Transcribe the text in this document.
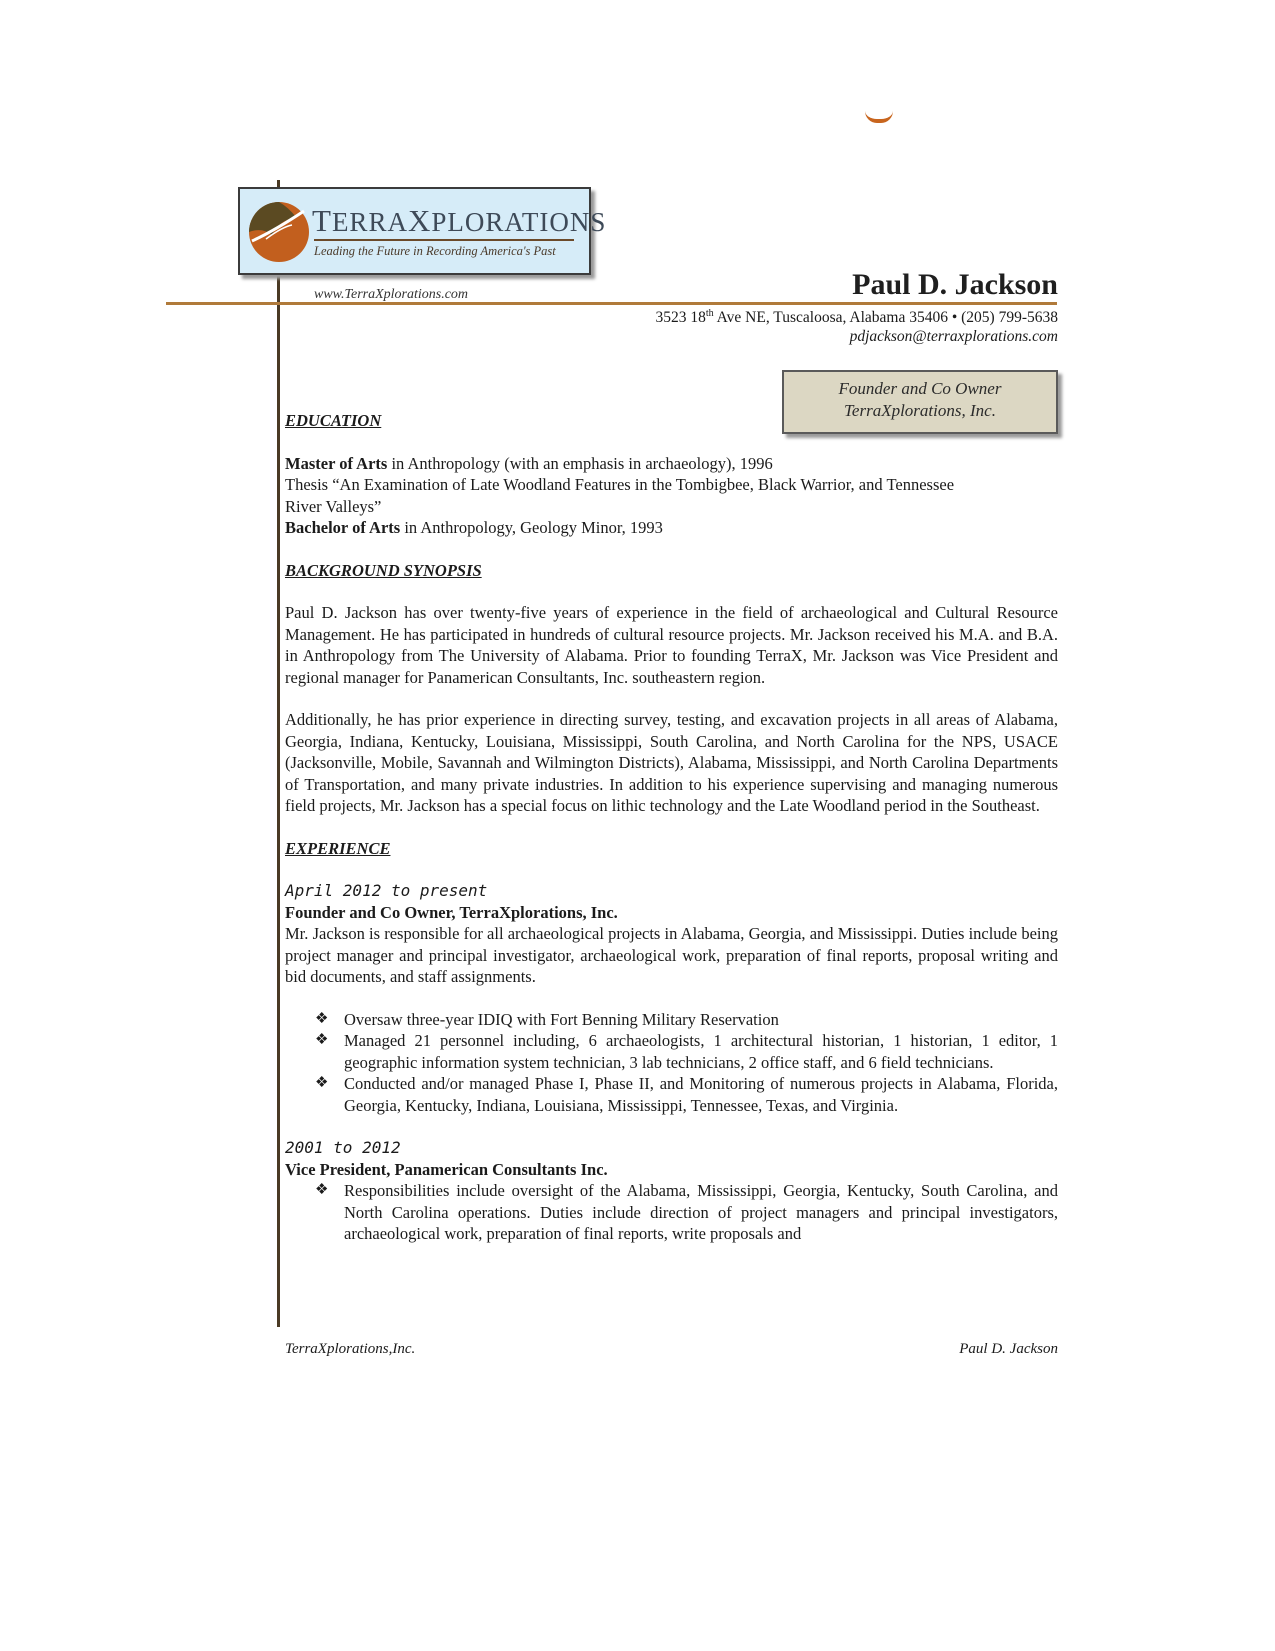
TERRAXPLORATIONS
Leading the Future in Recording America's Past
www.TerraXplorations.com	Paul D. Jackson
3523 18th Ave NE, Tuscaloosa, Alabama 35406 • (205) 799-5638
pdjackson@terraxplorations.com
Founder and Co Owner
TerraXplorations, Inc.

EDUCATION

Master of Arts in Anthropology (with an emphasis in archaeology), 1996

Thesis “An Examination of Late Woodland Features in the Tombigbee, Black Warrior, and Tennessee River Valleys”

Bachelor of Arts in Anthropology, Geology Minor, 1993

BACKGROUND SYNOPSIS

Paul D. Jackson has over twenty-five years of experience in the field of archaeological and Cultural Resource Management. He has participated in hundreds of cultural resource projects. Mr. Jackson received his M.A. and B.A. in Anthropology from The University of Alabama. Prior to founding TerraX, Mr. Jackson was Vice President and regional manager for Panamerican Consultants, Inc. southeastern region.

Additionally, he has prior experience in directing survey, testing, and excavation projects in all areas of Alabama, Georgia, Indiana, Kentucky, Louisiana, Mississippi, South Carolina, and North Carolina for the NPS, USACE (Jacksonville, Mobile, Savannah and Wilmington Districts), Alabama, Mississippi, and North Carolina Departments of Transportation, and many private industries. In addition to his experience supervising and managing numerous field projects, Mr. Jackson has a special focus on lithic technology and the Late Woodland period in the Southeast.

EXPERIENCE

April 2012 to present

Founder and Co Owner, TerraXplorations, Inc.

Mr. Jackson is responsible for all archaeological projects in Alabama, Georgia, and Mississippi. Duties include being project manager and principal investigator, archaeological work, preparation of final reports, proposal writing and bid documents, and staff assignments.

❖ Oversaw three-year IDIQ with Fort Benning Military Reservation
❖ Managed 21 personnel including, 6 archaeologists, 1 architectural historian, 1 historian, 1 editor, 1 geographic information system technician, 3 lab technicians, 2 office staff, and 6 field technicians.
❖ Conducted and/or managed Phase I, Phase II, and Monitoring of numerous projects in Alabama, Florida, Georgia, Kentucky, Indiana, Louisiana, Mississippi, Tennessee, Texas, and Virginia.

2001 to 2012

Vice President, Panamerican Consultants Inc.

❖ Responsibilities include oversight of the Alabama, Mississippi, Georgia, Kentucky, South Carolina, and North Carolina operations. Duties include direction of project managers and principal investigators, archaeological work, preparation of final reports, write proposals and
TerraXplorations,Inc.	Paul D. Jackson
